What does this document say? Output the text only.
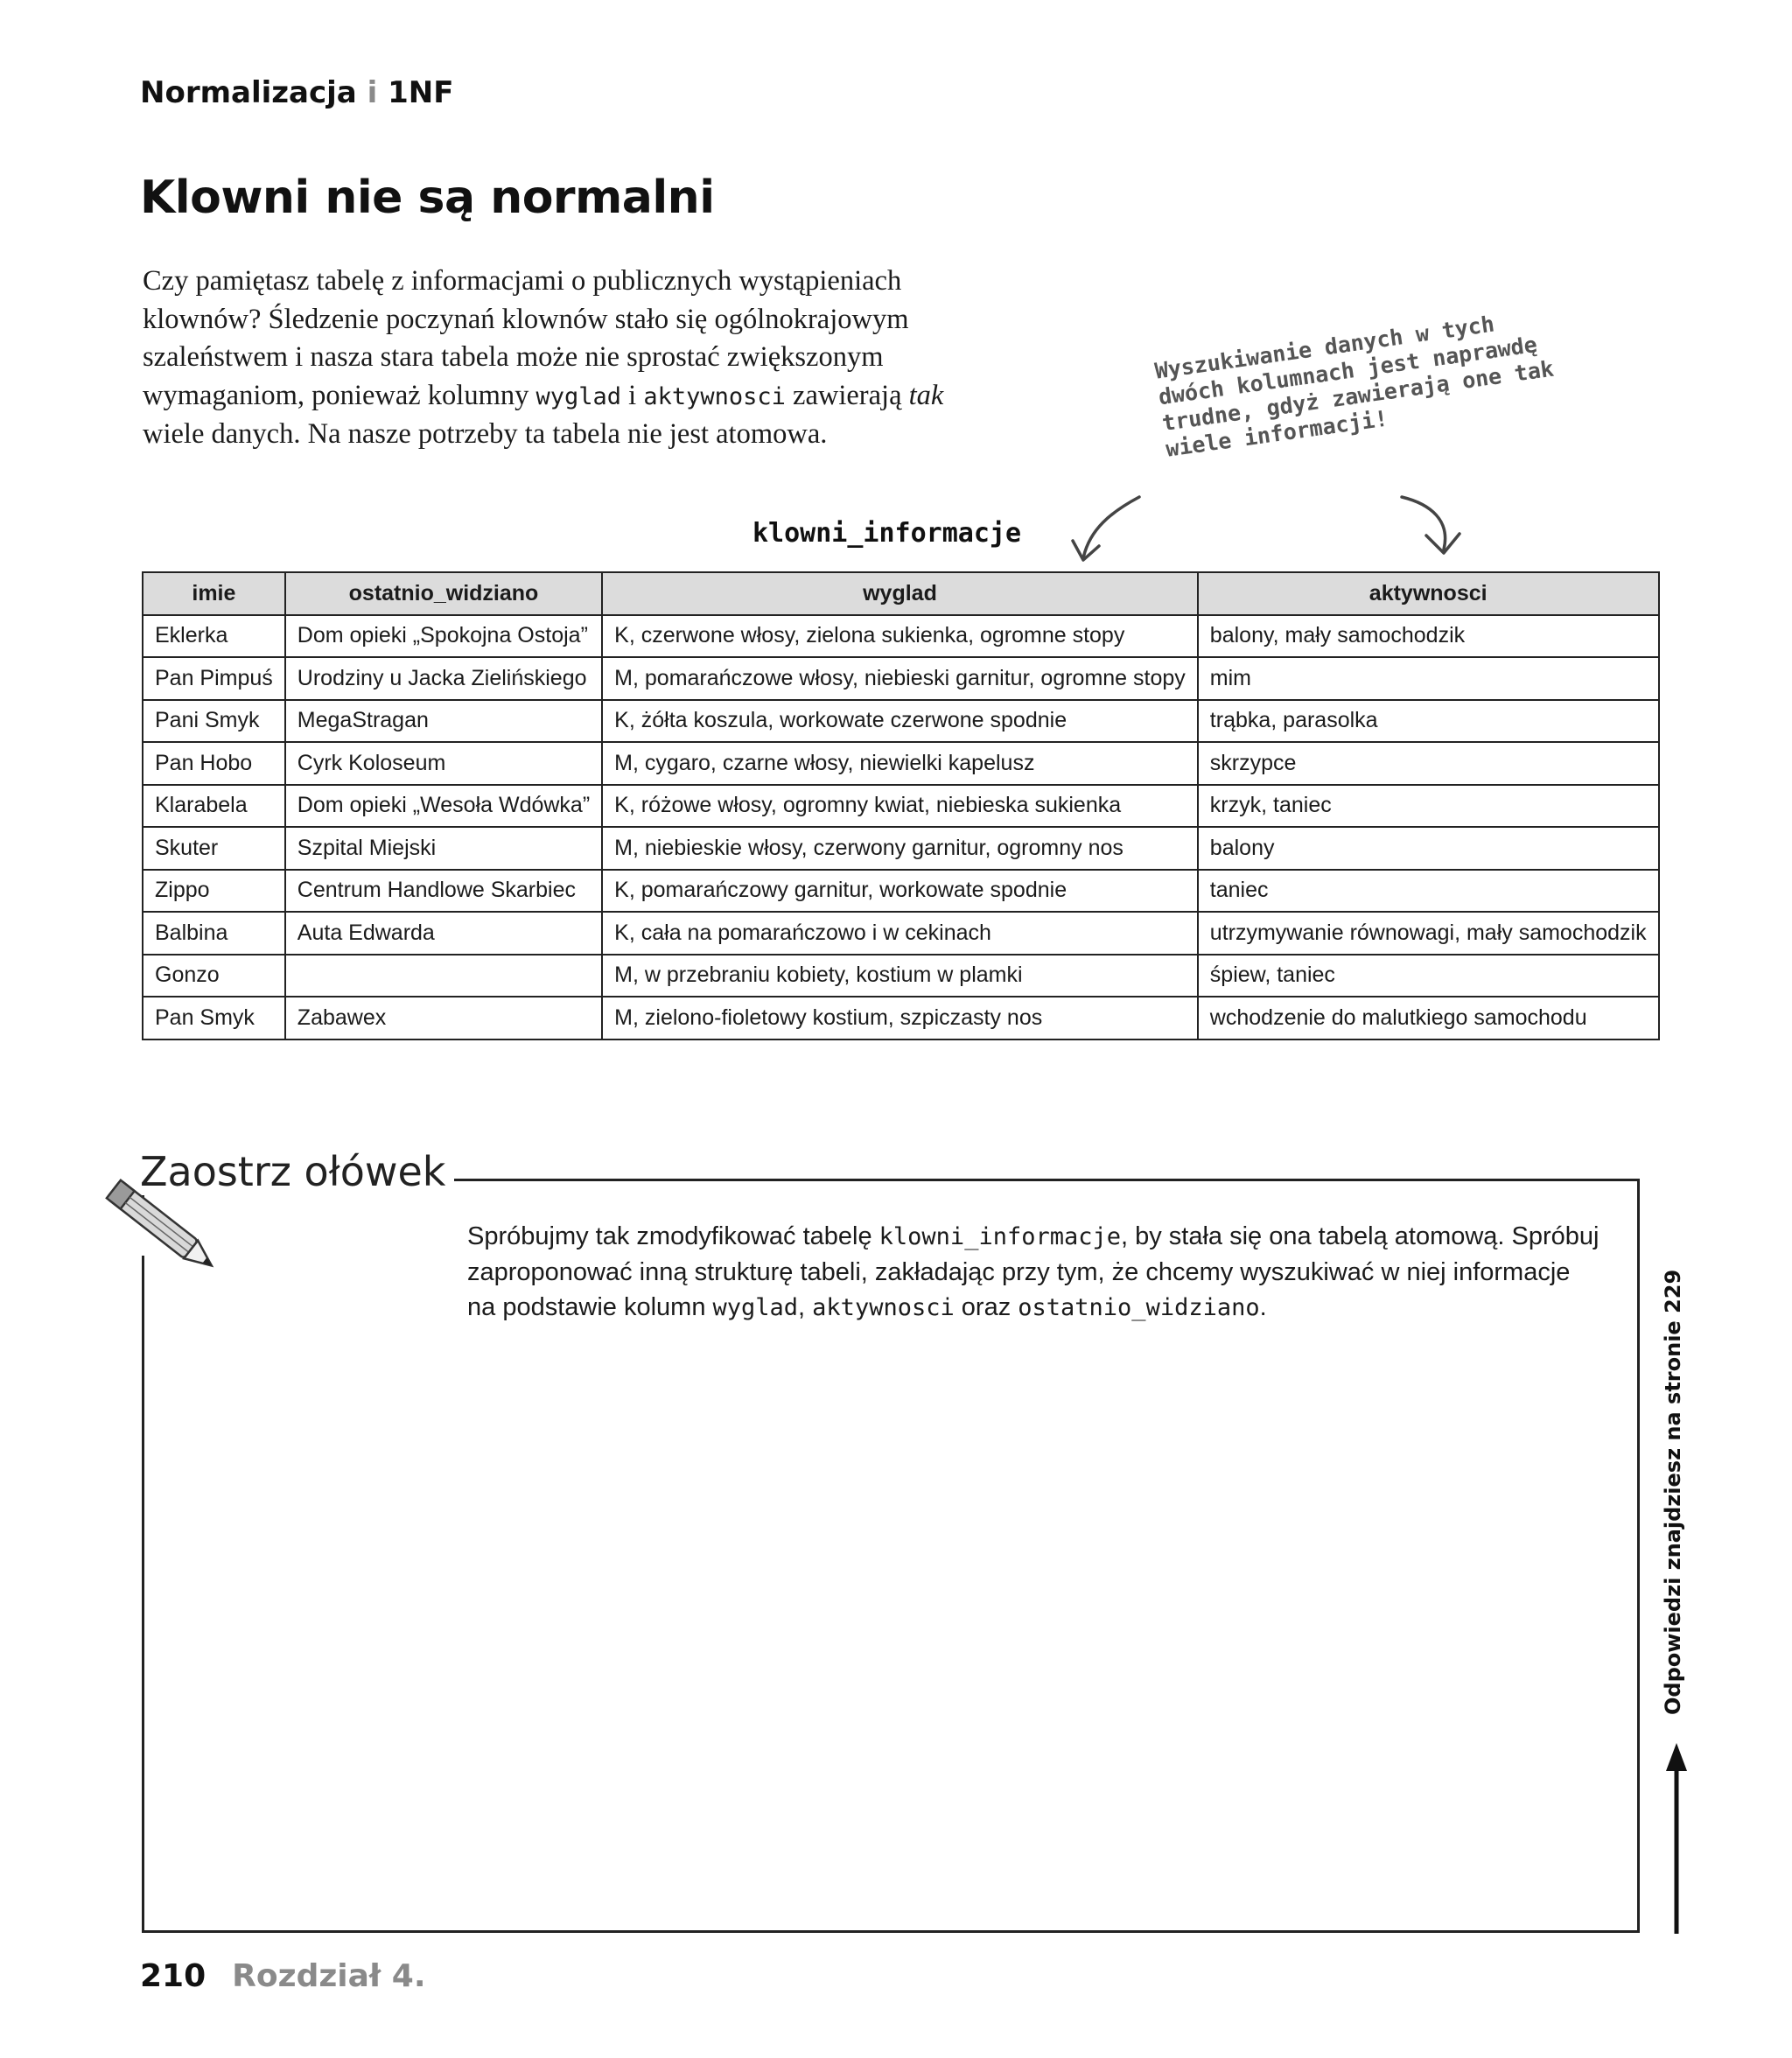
Normalizacja i 1NF
Klowni nie są normalni
Czy pamiętasz tabelę z informacjami o publicznych wystąpieniach klownów? Śledzenie poczynań klownów stało się ogólnokrajowym szaleństwem i nasza stara tabela może nie sprostać zwiększonym wymaganiom, ponieważ kolumny wyglad i aktywnosci zawierają tak wiele danych. Na nasze potrzeby ta tabela nie jest atomowa.
Wyszukiwanie danych w tych dwóch kolumnach jest naprawdę trudne, gdyż zawierają one tak wiele informacji!
klowni_informacje
imie	ostatnio_widziano	wyglad	aktywnosci
Eklerka	Dom opieki „Spokojna Ostoja”	K, czerwone włosy, zielona sukienka, ogromne stopy	balony, mały samochodzik
Pan Pimpuś	Urodziny u Jacka Zielińskiego	M, pomarańczowe włosy, niebieski garnitur, ogromne stopy	mim
Pani Smyk	MegaStragan	K, żółta koszula, workowate czerwone spodnie	trąbka, parasolka
Pan Hobo	Cyrk Koloseum	M, cygaro, czarne włosy, niewielki kapelusz	skrzypce
Klarabela	Dom opieki „Wesoła Wdówka”	K, różowe włosy, ogromny kwiat, niebieska sukienka	krzyk, taniec
Skuter	Szpital Miejski	M, niebieskie włosy, czerwony garnitur, ogromny nos	balony
Zippo	Centrum Handlowe Skarbiec	K, pomarańczowy garnitur, workowate spodnie	taniec
Balbina	Auta Edwarda	K, cała na pomarańczowo i w cekinach	utrzymywanie równowagi, mały samochodzik
Gonzo		M, w przebraniu kobiety, kostium w plamki	śpiew, taniec
Pan Smyk	Zabawex	M, zielono-fioletowy kostium, szpiczasty nos	wchodzenie do malutkiego samochodu
Zaostrz ołówek
Spróbujmy tak zmodyfikować tabelę klowni_informacje, by stała się ona tabelą atomową. Spróbuj zaproponować inną strukturę tabeli, zakładając przy tym, że chcemy wyszukiwać w niej informacje na podstawie kolumn wyglad, aktywnosci oraz ostatnio_widziano.	Odpowiedzi znajdziesz na stronie 229
210 Rozdział 4.
